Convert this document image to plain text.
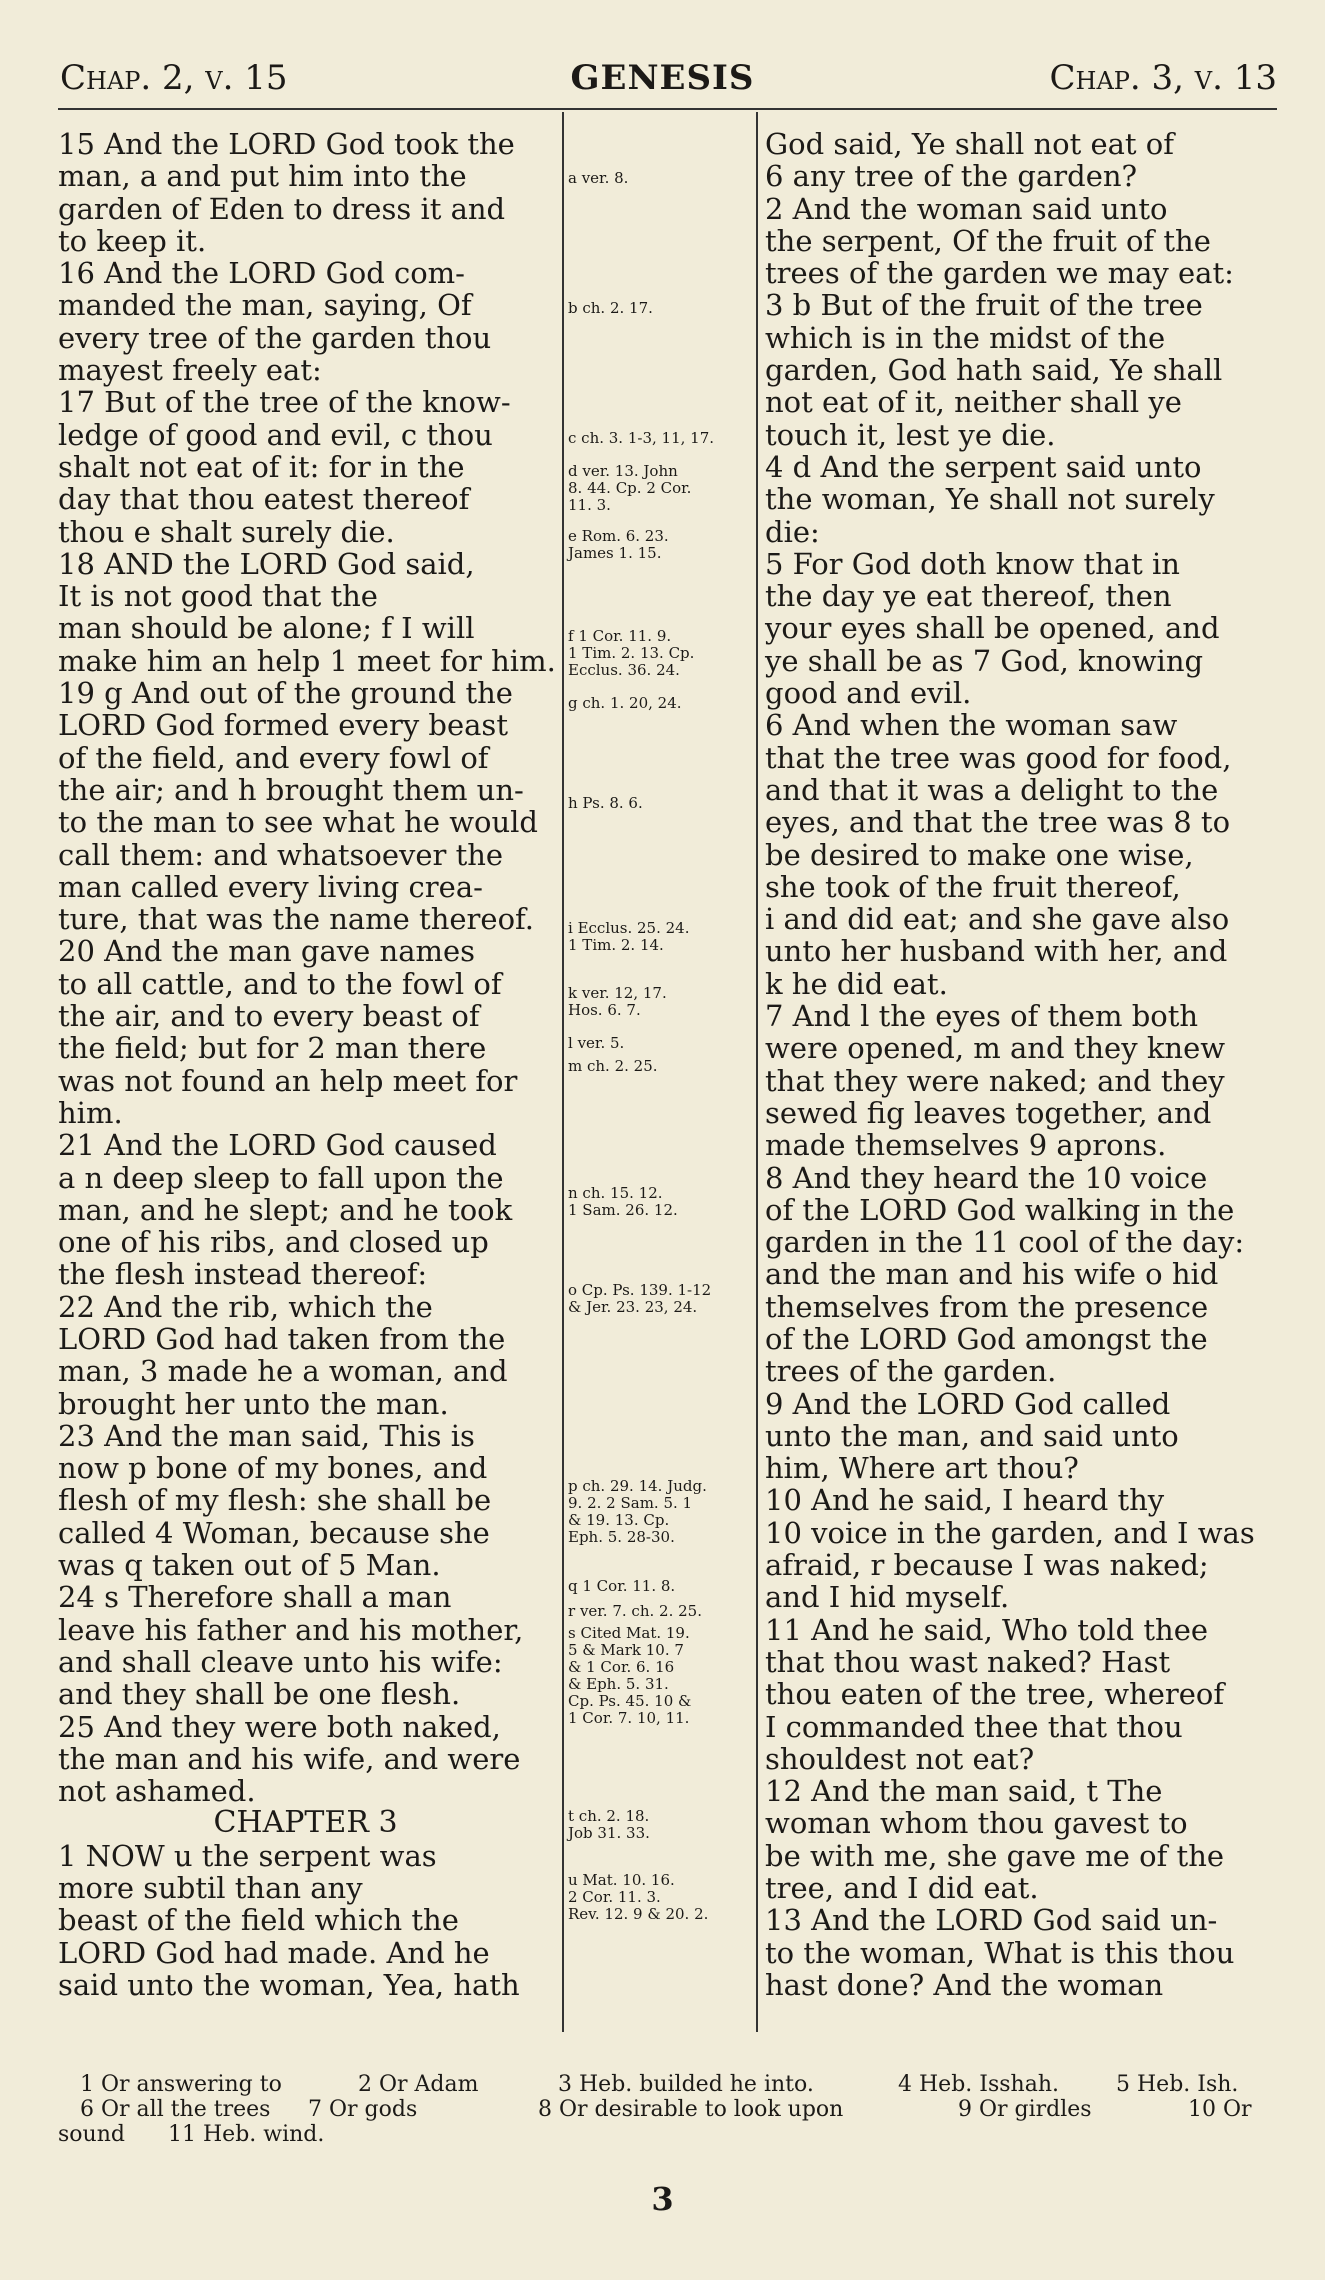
Chap. 2, v. 15	GENESIS	Chap. 3, v. 13
15 And the LORD God took the
man, a and put him into the
garden of Eden to dress it and
to keep it.
16 And the LORD God com-
manded the man, saying, Of
every tree of the garden thou
mayest freely eat:
17 But of the tree of the know-
ledge of good and evil, c thou
shalt not eat of it: for in the
day that thou eatest thereof
thou e shalt surely die.
18 AND the LORD God said,
It is not good that the
man should be alone; f I will
make him an help 1 meet for him.
19 g And out of the ground the
LORD God formed every beast
of the field, and every fowl of
the air; and h brought them un-
to the man to see what he would
call them: and whatsoever the
man called every living crea-
ture, that was the name thereof.
20 And the man gave names
to all cattle, and to the fowl of
the air, and to every beast of
the field; but for 2 man there
was not found an help meet for
him.
21 And the LORD God caused
a n deep sleep to fall upon the
man, and he slept; and he took
one of his ribs, and closed up
the flesh instead thereof:
22 And the rib, which the
LORD God had taken from the
man, 3 made he a woman, and
brought her unto the man.
23 And the man said, This is
now p bone of my bones, and
flesh of my flesh: she shall be
called 4 Woman, because she
was q taken out of 5 Man.
24 s Therefore shall a man
leave his father and his mother,
and shall cleave unto his wife:
and they shall be one flesh.
25 And they were both naked,
the man and his wife, and were
not ashamed.
CHAPTER 3
1 NOW u the serpent was
more subtil than any
beast of the field which the
LORD God had made. And he
said unto the woman, Yea, hath
a ver. 8.
b ch. 2. 17.
c ch. 3. 1-3, 11, 17.
d ver. 13. John
8. 44. Cp. 2 Cor.
11. 3.
e Rom. 6. 23.
James 1. 15.
f 1 Cor. 11. 9.
1 Tim. 2. 13. Cp.
Ecclus. 36. 24.
g ch. 1. 20, 24.
h Ps. 8. 6.
i Ecclus. 25. 24.
1 Tim. 2. 14.
k ver. 12, 17.
Hos. 6. 7.
l ver. 5.
m ch. 2. 25.
n ch. 15. 12.
1 Sam. 26. 12.
o Cp. Ps. 139. 1-12
& Jer. 23. 23, 24.
p ch. 29. 14. Judg.
9. 2. 2 Sam. 5. 1
& 19. 13. Cp.
Eph. 5. 28-30.
q 1 Cor. 11. 8.
r ver. 7. ch. 2. 25.
s Cited Mat. 19.
5 & Mark 10. 7
& 1 Cor. 6. 16
& Eph. 5. 31.
Cp. Ps. 45. 10 &
1 Cor. 7. 10, 11.
t ch. 2. 18.
Job 31. 33.
u Mat. 10. 16.
2 Cor. 11. 3.
Rev. 12. 9 & 20. 2.
God said, Ye shall not eat of
6 any tree of the garden?
2 And the woman said unto
the serpent, Of the fruit of the
trees of the garden we may eat:
3 b But of the fruit of the tree
which is in the midst of the
garden, God hath said, Ye shall
not eat of it, neither shall ye
touch it, lest ye die.
4 d And the serpent said unto
the woman, Ye shall not surely
die:
5 For God doth know that in
the day ye eat thereof, then
your eyes shall be opened, and
ye shall be as 7 God, knowing
good and evil.
6 And when the woman saw
that the tree was good for food,
and that it was a delight to the
eyes, and that the tree was 8 to
be desired to make one wise,
she took of the fruit thereof,
i and did eat; and she gave also
unto her husband with her, and
k he did eat.
7 And l the eyes of them both
were opened, m and they knew
that they were naked; and they
sewed fig leaves together, and
made themselves 9 aprons.
8 And they heard the 10 voice
of the LORD God walking in the
garden in the 11 cool of the day:
and the man and his wife o hid
themselves from the presence
of the LORD God amongst the
trees of the garden.
9 And the LORD God called
unto the man, and said unto
him, Where art thou?
10 And he said, I heard thy
10 voice in the garden, and I was
afraid, r because I was naked;
and I hid myself.
11 And he said, Who told thee
that thou wast naked? Hast
thou eaten of the tree, whereof
I commanded thee that thou
shouldest not eat?
12 And the man said, t The
woman whom thou gavest to
be with me, she gave me of the
tree, and I did eat.
13 And the LORD God said un-
to the woman, What is this thou
hast done? And the woman
1 Or answering to	2 Or Adam	3 Heb. builded he into.	4 Heb. Isshah.	5 Heb. Ish.
6 Or all the trees 7 Or gods	8 Or desirable to look upon	9 Or girdles	10 Or
sound 11 Heb. wind.
3
